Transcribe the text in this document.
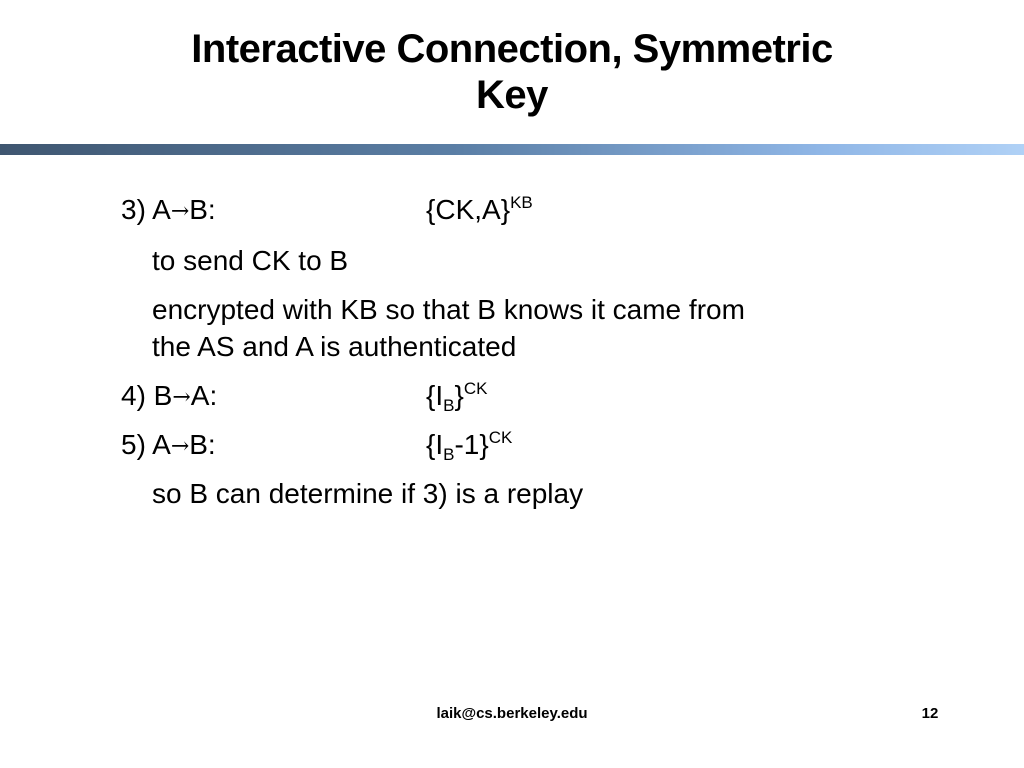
Interactive Connection, Symmetric
Key
3) A→B:	$\{CK,A\}^{KB}$
to send CK to B
encrypted with KB so that B knows it came from
the AS and A is authenticated
4) B→A:	$\{I_B\}^{CK}$
5) A→B:	$\{I_B-1\}^{CK}$
so B can determine if 3) is a replay
laik@cs.berkeley.edu	12
